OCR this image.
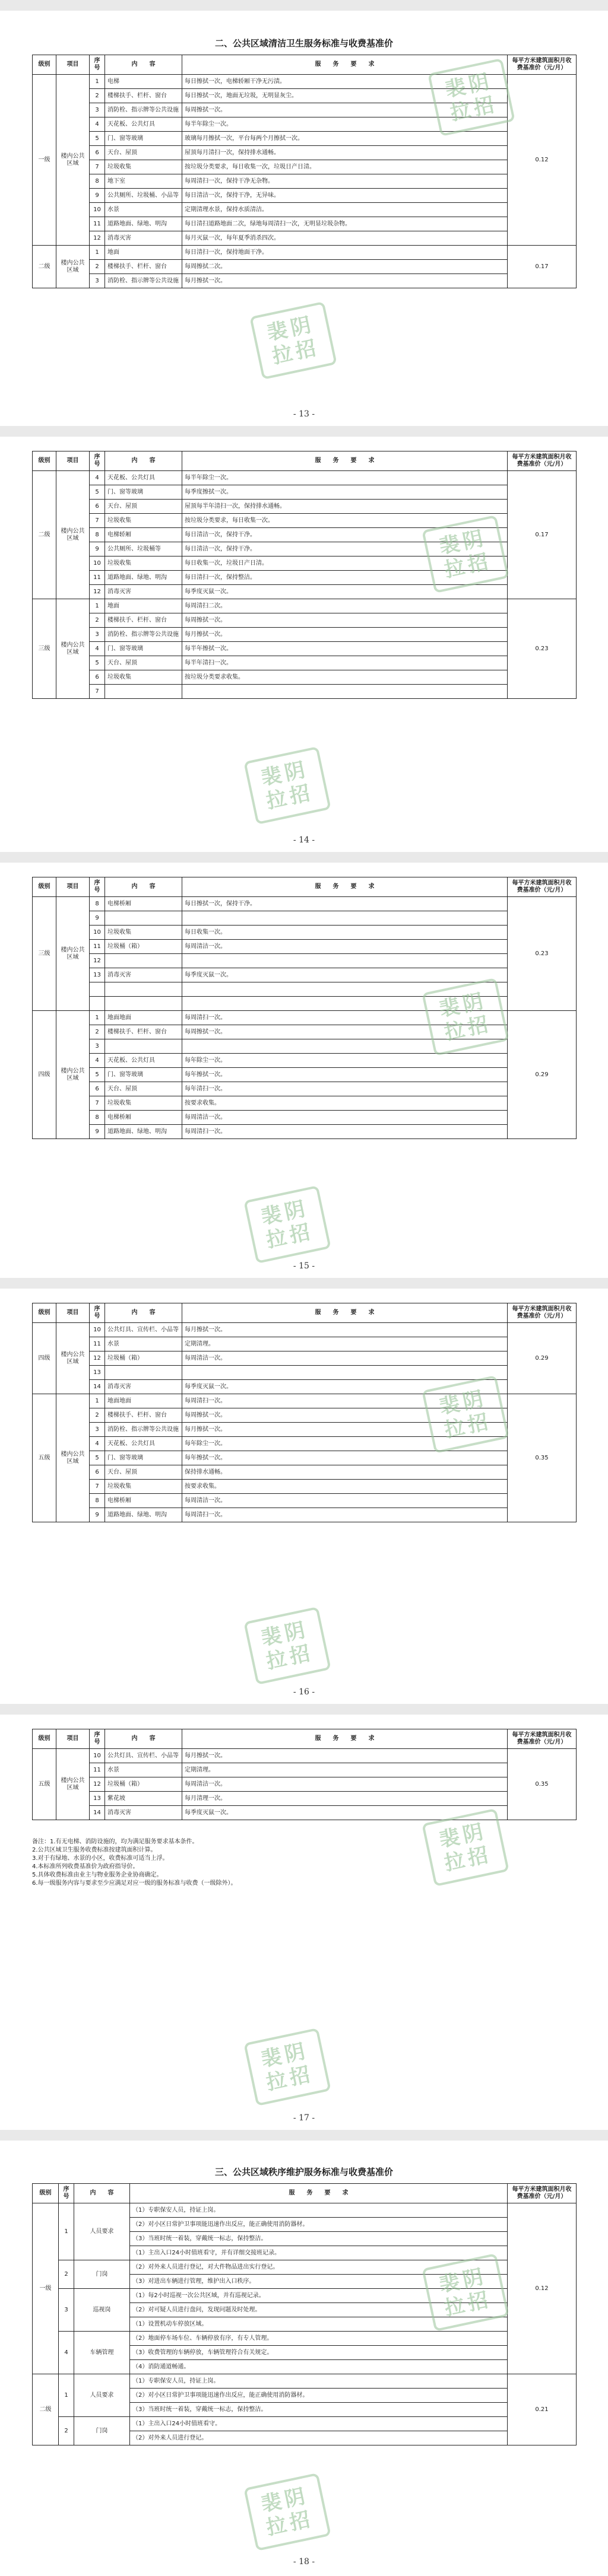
二、公共区域清洁卫生服务标准与收费基准价
级别	项目	序号	内　　容	服　　务　　要　　求	每平方米建筑面积月收费基准价（元/月）
一级	楼内公共区域	1	电梯	每日擦拭一次，电梯轿厢干净无污渍。	0.12
		2	楼梯扶手、栏杆、窗台	每日擦拭一次，地面无垃圾，无明显灰尘。	
		3	消防栓、指示牌等公共设施	每周擦拭一次。	
		4	天花板、公共灯具	每半年除尘一次。	
		5	门、窗等玻璃	玻璃每月擦拭一次，平台每两个月擦拭一次。	
		6	天台、屋顶	屋顶每月清扫一次，保持排水通畅。	
		7	垃圾收集	按垃圾分类要求，每日收集一次，垃圾日产日清。	
		8	地下室	每周清扫一次，保持干净无杂物。	
		9	公共厕所、垃圾桶、小品等	每日清洁一次，保持干净，无异味。	
		10	水景	定期清理水景，保持水质清洁。	
		11	道路地面、绿地、明沟	每日清扫道路地面二次，绿地每周清扫一次，无明显垃圾杂物。	
		12	消毒灭害	每月灭鼠一次，每年夏季消杀四次。	
二级	楼内公共区域	1	地面	每日清扫一次，保持地面干净。	0.17
		2	楼梯扶手、栏杆、窗台	每周擦拭二次。	
		3	消防栓、指示牌等公共设施	每月擦拭一次。	
- 13 -
级别	项目	序号	内　　容	服　　务　　要　　求	每平方米建筑面积月收费基准价（元/月）
二级	楼内公共区域	4	天花板、公共灯具	每半年除尘一次。	0.17
		5	门、窗等玻璃	每季度擦拭一次。	
		6	天台、屋顶	屋顶每半年清扫一次，保持排水通畅。	
		7	垃圾收集	按垃圾分类要求，每日收集一次。	
		8	电梯轿厢	每日清洁一次，保持干净。	
		9	公共厕所、垃圾桶等	每日清洁一次，保持干净。	
		10	垃圾收集	每日收集一次，垃圾日产日清。	
		11	道路地面、绿地、明沟	每日清扫一次，保持整洁。	
		12	消毒灭害	每季度灭鼠一次。	
三级	楼内公共区域	1	地面	每周清扫二次。	0.23
		2	楼梯扶手、栏杆、窗台	每周擦拭一次。	
		3	消防栓、指示牌等公共设施	每月擦拭一次。	
		4	门、窗等玻璃	每半年擦拭一次。	
		5	天台、屋顶	每半年清扫一次。	
		6	垃圾收集	按垃圾分类要求收集。	
		7			
- 14 -
级别	项目	序号	内　　容	服　　务　　要　　求	每平方米建筑面积月收费基准价（元/月）
三级	楼内公共区域	8	电梯桥厢	每日擦拭一次，保持干净。	0.23
		9			
		10	垃圾收集	每日收集一次。	
		11	垃圾桶（箱）	每周清洁一次。	
		12			
		13	消毒灭害	每季度灭鼠一次。	

四级	楼内公共区域	1	地面地面	每周清扫一次。	0.29
		2	楼梯扶手、栏杆、窗台	每周擦拭一次。	
		3			
		4	天花板、公共灯具	每年除尘一次。	
		5	门、窗等玻璃	每年擦拭一次。	
		6	天台、屋顶	每年清扫一次。	
		7	垃圾收集	按要求收集。	
		8	电梯桥厢	每周清洁一次。	
		9	道路地面、绿地、明沟	每周清扫一次。	
- 15 -
级别	项目	序号	内　　容	服　　务　　要　　求	每平方米建筑面积月收费基准价（元/月）
四级	楼内公共区域	10	公共灯具、宣传栏、小品等	每月擦拭一次。	0.29
		11	水景	定期清理。	
		12	垃圾桶（箱）	每周清洁一次。	
		13			
		14	消毒灭害	每季度灭鼠一次。	
五级	楼内公共区域	1	地面地面	每周清扫一次。	0.35
		2	楼梯扶手、栏杆、窗台	每周擦拭一次。	
		3	消防栓、指示牌等公共设施	每月擦拭一次。	
		4	天花板、公共灯具	每年除尘一次。	
		5	门、窗等玻璃	每年擦拭一次。	
		6	天台、屋顶	保持排水通畅。	
		7	垃圾收集	按要求收集。	
		8	电梯桥厢	每周清洁一次。	
		9	道路地面、绿地、明沟	每周清扫一次。	
- 16 -
级别	项目	序号	内　　容	服　　务　　要　　求	每平方米建筑面积月收费基准价（元/月）
五级	楼内公共区域	10	公共灯具、宣传栏、小品等	每月擦拭一次。	0.35
		11	水景	定期清理。	
		12	垃圾桶（箱）	每周清洁一次。	
		13	紫花坡	每月清理一次。	
		14	消毒灭害	每季度灭鼠一次。	
备注：1.有无电梯、消防设施的，均为满足服务要求基本条件。
2.公共区域卫生服务收费标准按建筑面积计算。
3.对于有绿地、水景的小区，收费标准可适当上浮。
4.本标准所列收费基准价为政府指导价。
5.具体收费标准由业主与物业服务企业协商确定。
6.每一级服务内容与要求至少应满足对应一级的服务标准与收费（一级除外）。
- 17 -
三、公共区域秩序维护服务标准与收费基准价
级别	序号	内　　容	服　　务　　要　　求	每平方米建筑面积月收费基准价（元/月）
一级	1	人员要求	（1）专职保安人员，持证上岗。	0.12
			（2）对小区日常护卫事项能迅速作出反应，能正确使用消防器材。	
			（3）当班时统一着装，穿戴统一标志，保持整洁。	
			（1）主出入口24小时值班看守，并有详细交接班记录。	
	2	门岗	（2）对外来人员进行登记，对大件物品进出实行登记。	
			（3）对进出车辆进行管理，维护出入口秩序。	
	3	巡视岗	（1）每2小时巡视一次公共区域，并有巡视记录。	
			（2）对可疑人员进行盘问，发现问题及时处理。	
			（1）设置机动车停放区域。	
	4	车辆管理	（2）地面停车场车位、车辆停放有序，有专人管理。	
			（3）收费管理的车辆停放，车辆管理符合有关规定。	
			（4）消防通道畅通。	
二级	1	人员要求	（1）专职保安人员，持证上岗。	0.21
			（2）对小区日常护卫事项能迅速作出反应，能正确使用消防器材。	
			（3）当班时统一着装，穿戴统一标志，保持整洁。	
	2	门岗	（1）主出入口24小时值班看守。	
			（2）对外来人员进行登记。	
- 18 -
裴阴
拉招
裴阴
拉招
裴阴
拉招
裴阴
拉招
裴阴
拉招
裴阴
拉招
裴阴
拉招
裴阴
拉招
裴阴
拉招
裴阴
拉招
裴阴
拉招
裴阴
拉招
